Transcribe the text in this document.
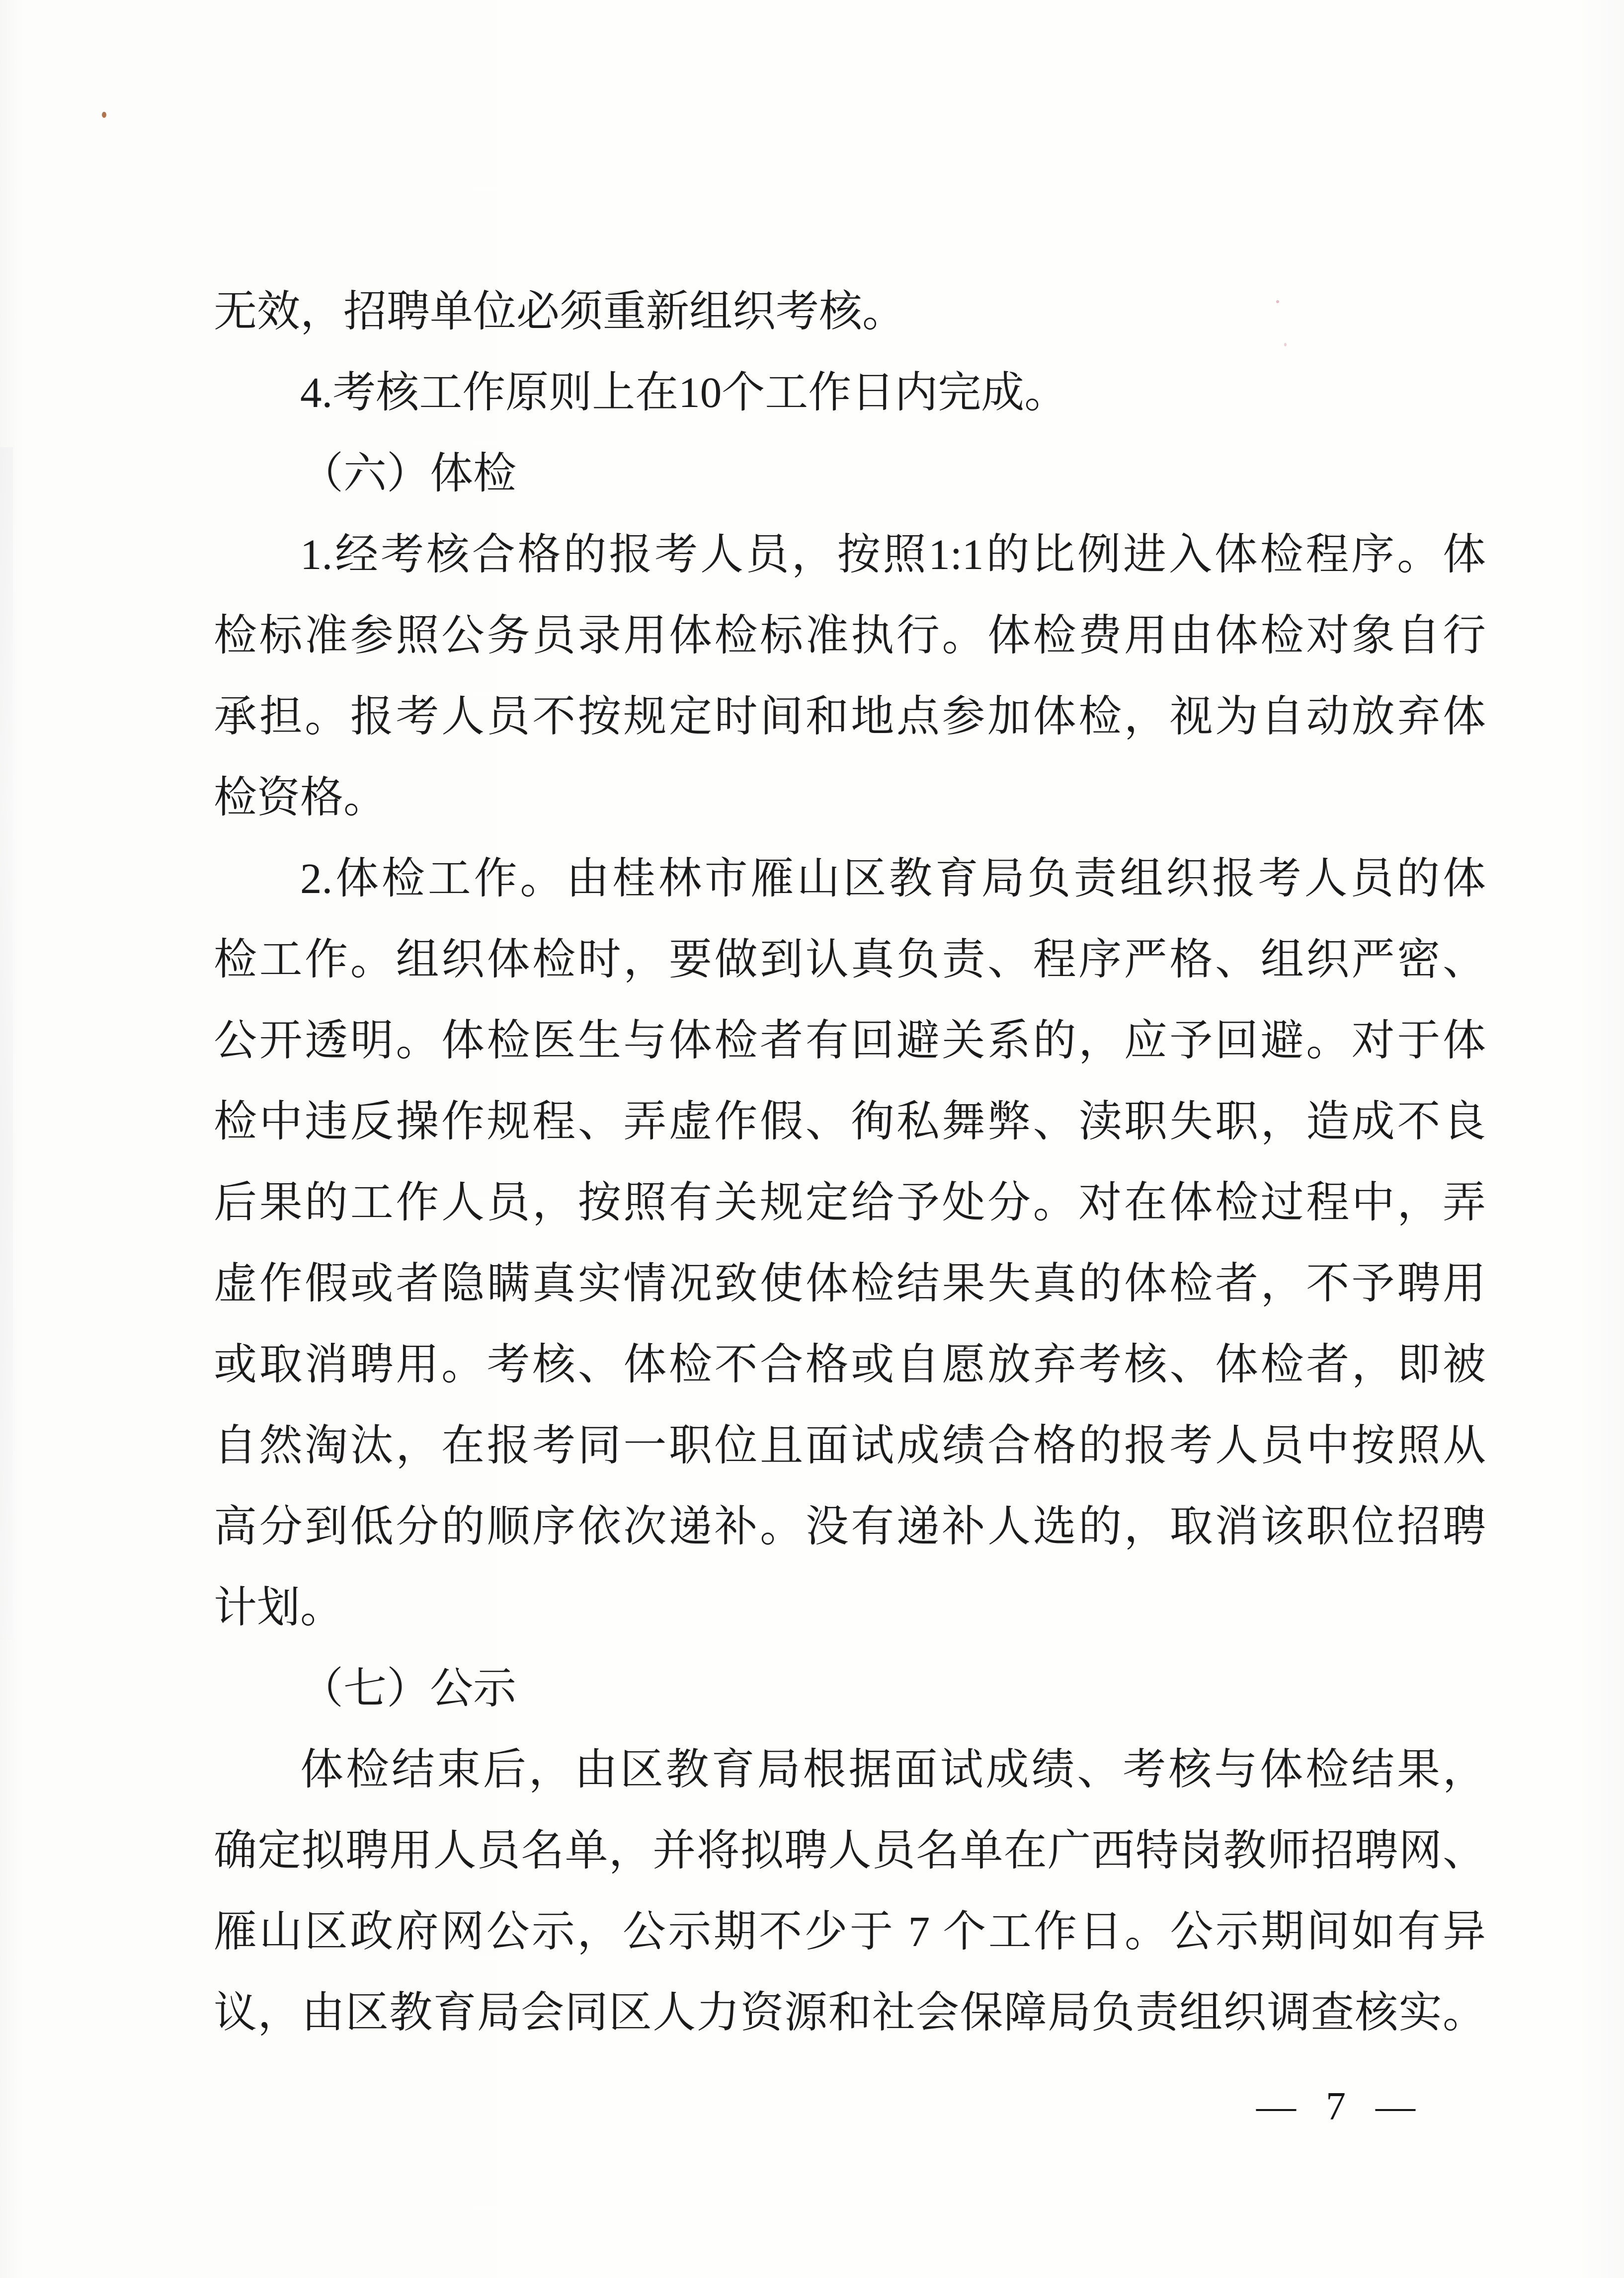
无效，招聘单位必须重新组织考核。
4.考核工作原则上在10个工作日内完成。
（六）体检
1.经考核合格的报考人员，按照1:1的比例进入体检程序。体
检标准参照公务员录用体检标准执行。体检费用由体检对象自行
承担。报考人员不按规定时间和地点参加体检，视为自动放弃体
检资格。
2.体检工作。由桂林市雁山区教育局负责组织报考人员的体
检工作。组织体检时，要做到认真负责、程序严格、组织严密、
公开透明。体检医生与体检者有回避关系的，应予回避。对于体
检中违反操作规程、弄虚作假、徇私舞弊、渎职失职，造成不良
后果的工作人员，按照有关规定给予处分。对在体检过程中，弄
虚作假或者隐瞒真实情况致使体检结果失真的体检者，不予聘用
或取消聘用。考核、体检不合格或自愿放弃考核、体检者，即被
自然淘汰，在报考同一职位且面试成绩合格的报考人员中按照从
高分到低分的顺序依次递补。没有递补人选的，取消该职位招聘
计划。
（七）公示
体检结束后，由区教育局根据面试成绩、考核与体检结果，
确定拟聘用人员名单，并将拟聘人员名单在广西特岗教师招聘网、
雁山区政府网公示，公示期不少于 7 个工作日。公示期间如有异
议，由区教育局会同区人力资源和社会保障局负责组织调查核实。
— 7 —
